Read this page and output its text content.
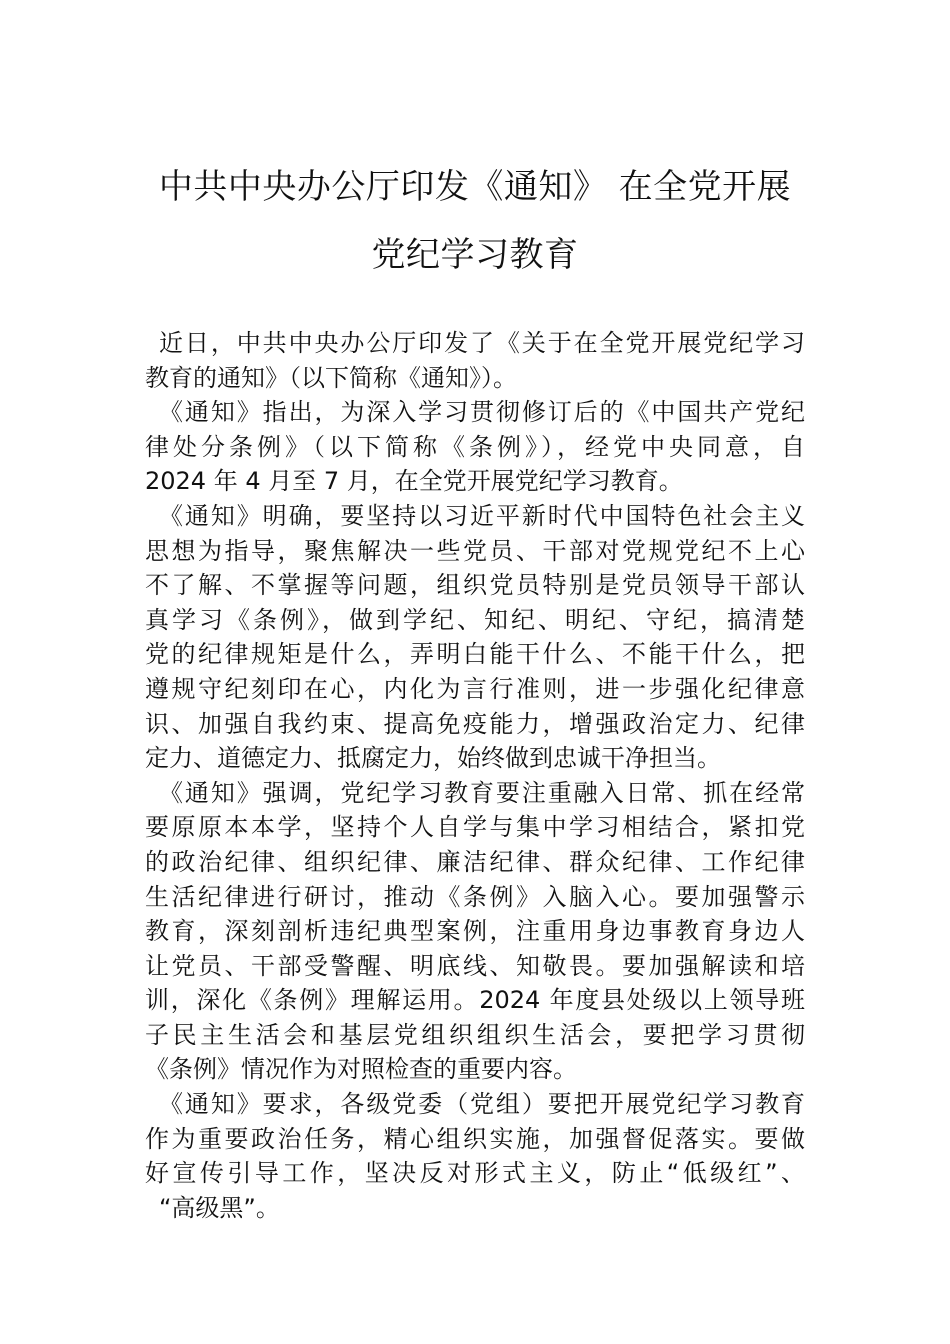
中共中央办公厅印发《通知》 在全党开展
党纪学习教育
近日，中共中央办公厅印发了《关于在全党开展党纪学习
教育的通知》（以下简称《通知》）。
《通知》指出，为深入学习贯彻修订后的《中国共产党纪
律处分条例》（以下简称《条例》），经党中央同意，自
2024 年 4 月至 7 月，在全党开展党纪学习教育。
《通知》明确，要坚持以习近平新时代中国特色社会主义
思想为指导，聚焦解决一些党员、干部对党规党纪不上心
不了解、不掌握等问题，组织党员特别是党员领导干部认
真学习《条例》，做到学纪、知纪、明纪、守纪，搞清楚
党的纪律规矩是什么，弄明白能干什么、不能干什么，把
遵规守纪刻印在心，内化为言行准则，进一步强化纪律意
识、加强自我约束、提高免疫能力，增强政治定力、纪律
定力、道德定力、抵腐定力，始终做到忠诚干净担当。
《通知》强调，党纪学习教育要注重融入日常、抓在经常
要原原本本学，坚持个人自学与集中学习相结合，紧扣党
的政治纪律、组织纪律、廉洁纪律、群众纪律、工作纪律
生活纪律进行研讨，推动《条例》入脑入心。要加强警示
教育，深刻剖析违纪典型案例，注重用身边事教育身边人
让党员、干部受警醒、明底线、知敬畏。要加强解读和培
训，深化《条例》理解运用。2024 年度县处级以上领导班
子民主生活会和基层党组织组织生活会，要把学习贯彻
《条例》情况作为对照检查的重要内容。
《通知》要求，各级党委（党组）要把开展党纪学习教育
作为重要政治任务，精心组织实施，加强督促落实。要做
好宣传引导工作，坚决反对形式主义，防止“低级红”、
“高级黑”。
